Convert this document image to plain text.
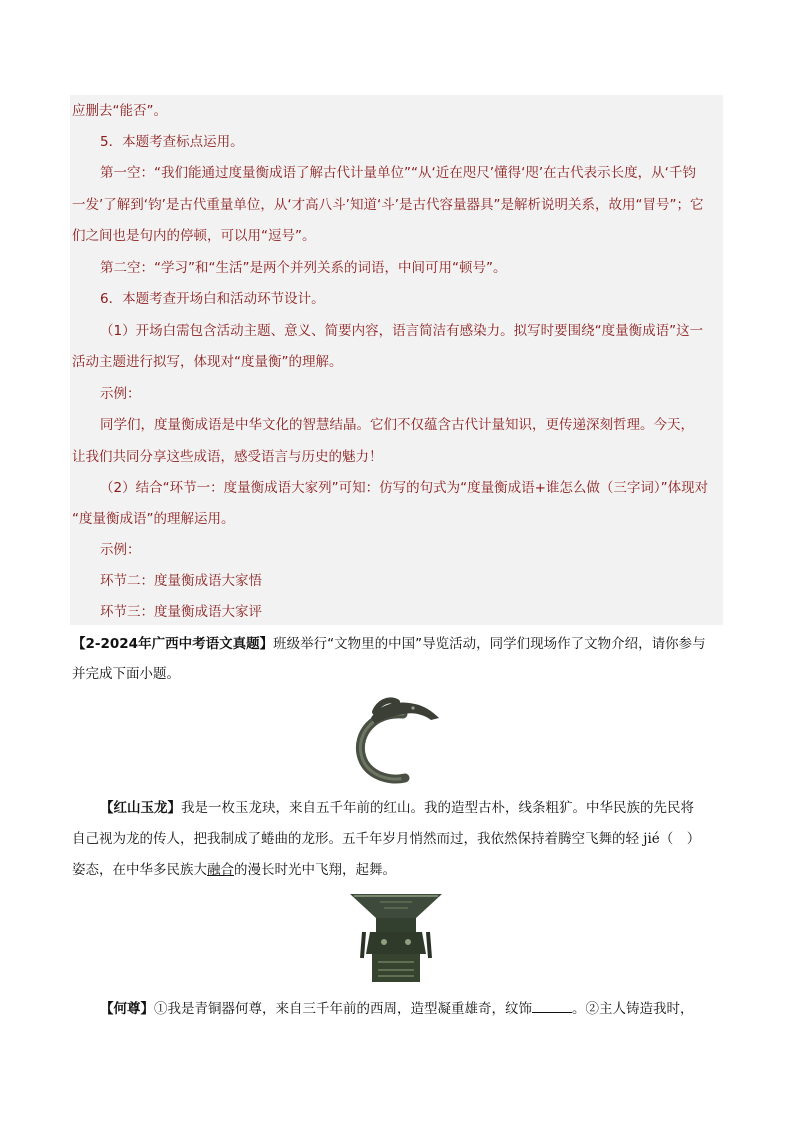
应删去“能否”。
5．本题考查标点运用。
第一空：“我们能通过度量衡成语了解古代计量单位”“从‘近在咫尺’懂得‘咫’在古代表示长度，从‘千钧
一发’了解到‘钧’是古代重量单位，从‘才高八斗’知道‘斗’是古代容量器具”是解析说明关系，故用“冒号”；它
们之间也是句内的停顿，可以用“逗号”。
第二空：“学习”和“生活”是两个并列关系的词语，中间可用“顿号”。
6．本题考查开场白和活动环节设计。
（1）开场白需包含活动主题、意义、简要内容，语言简洁有感染力。拟写时要围绕“度量衡成语”这一
活动主题进行拟写，体现对“度量衡”的理解。
示例：
同学们，度量衡成语是中华文化的智慧结晶。它们不仅蕴含古代计量知识，更传递深刻哲理。今天，
让我们共同分享这些成语，感受语言与历史的魅力！
（2）结合“环节一：度量衡成语大家列”可知：仿写的句式为“度量衡成语+谁怎么做（三字词）”体现对
“度量衡成语”的理解运用。
示例：
环节二：度量衡成语大家悟
环节三：度量衡成语大家评
【2-2024年广西中考语文真题】班级举行“文物里的中国”导览活动，同学们现场作了文物介绍，请你参与
并完成下面小题。
【红山玉龙】我是一枚玉龙玦，来自五千年前的红山。我的造型古朴，线条粗犷。中华民族的先民将
自己视为龙的传人，把我制成了蜷曲的龙形。五千年岁月悄然而过，我依然保持着腾空飞舞的轻 jié（　）
姿态，在中华多民族大融合的漫长时光中飞翔，起舞。
【何尊】①我是青铜器何尊，来自三千年前的西周，造型凝重雄奇，纹饰	。②主人铸造我时，
